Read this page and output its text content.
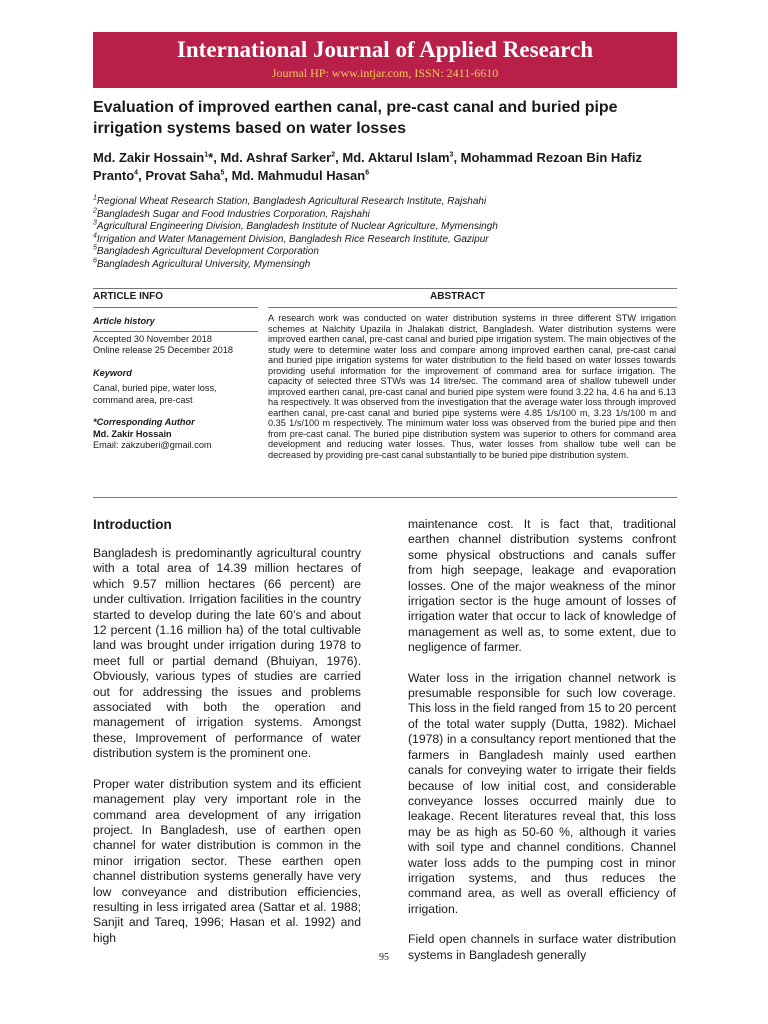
International Journal of Applied Research
Journal HP: www.intjar.com, ISSN: 2411-6610
Evaluation of improved earthen canal, pre-cast canal and buried pipe irrigation systems based on water losses
Md. Zakir Hossain$^1$*, Md. Ashraf Sarker$^2$, Md. Aktarul Islam$^3$, Mohammad Rezoan Bin Hafiz Pranto$^4$, Provat Saha$^5$, Md. Mahmudul Hasan$^6$
$^1$Regional Wheat Research Station, Bangladesh Agricultural Research Institute, Rajshahi
$^2$Bangladesh Sugar and Food Industries Corporation, Rajshahi
$^3$Agricultural Engineering Division, Bangladesh Institute of Nuclear Agriculture, Mymensingh
$^4$Irrigation and Water Management Division, Bangladesh Rice Research Institute, Gazipur
$^5$Bangladesh Agricultural Development Corporation
$^6$Bangladesh Agricultural University, Mymensingh
ARTICLE INFO	ABSTRACT
Article history
Accepted 30 November 2018
Online release 25 December 2018
Keyword
Canal, buried pipe, water loss, command area, pre-cast
*Corresponding Author
Md. Zakir Hossain
Email: zakzuberi@gmail.com
A research work was conducted on water distribution systems in three different STW irrigation schemes at Nalchity Upazila in Jhalakati district, Bangladesh. Water distribution systems were improved earthen canal, pre-cast canal and buried pipe irrigation system. The main objectives of the study were to determine water loss and compare among improved earthen canal, pre-cast canal and buried pipe irrigation systems for water distribution to the field based on water losses towards providing useful information for the improvement of command area for surface irrigation. The capacity of selected three STWs was 14 litre/sec. The command area of shallow tubewell under improved earthen canal, pre-cast canal and buried pipe system were found 3.22 ha, 4.6 ha and 6.13 ha respectively. It was observed from the investigation that the average water loss through improved earthen canal, pre-cast canal and buried pipe systems were 4.85 1/s/100 m, 3.23 1/s/100 m and 0.35 1/s/100 m respectively. The minimum water loss was observed from the buried pipe and then from pre-cast canal. The buried pipe distribution system was superior to others for command area development and reducing water losses. Thus, water losses from shallow tube well can be decreased by providing pre-cast canal substantially to be buried pipe distribution system.
Introduction

Bangladesh is predominantly agricultural country with a total area of 14.39 million hectares of which 9.57 million hectares (66 percent) are under cultivation. Irrigation facilities in the country started to develop during the late 60’s and about 12 percent (1.16 million ha) of the total cultivable land was brought under irrigation during 1978 to meet full or partial demand (Bhuiyan, 1976). Obviously, various types of studies are carried out for addressing the issues and problems associated with both the operation and management of irrigation systems. Amongst these, Improvement of performance of water distribution system is the prominent one.

Proper water distribution system and its efficient management play very important role in the command area development of any irrigation project. In Bangladesh, use of earthen open channel for water distribution is common in the minor irrigation sector. These earthen open channel distribution systems generally have very low conveyance and distribution efficiencies, resulting in less irrigated area (Sattar et al. 1988; Sanjit and Tareq, 1996; Hasan et al. 1992) and high

maintenance cost. It is fact that, traditional earthen channel distribution systems confront some physical obstructions and canals suffer from high seepage, leakage and evaporation losses. One of the major weakness of the minor irrigation sector is the huge amount of losses of irrigation water that occur to lack of knowledge of management as well as, to some extent, due to negligence of farmer.

Water loss in the irrigation channel network is presumable responsible for such low coverage. This loss in the field ranged from 15 to 20 percent of the total water supply (Dutta, 1982). Michael (1978) in a consultancy report mentioned that the farmers in Bangladesh mainly used earthen canals for conveying water to irrigate their fields because of low initial cost, and considerable conveyance losses occurred mainly due to leakage. Recent literatures reveal that, this loss may be as high as 50-60 %, although it varies with soil type and channel conditions. Channel water loss adds to the pumping cost in minor irrigation systems, and thus reduces the command area, as well as overall efficiency of irrigation.

Field open channels in surface water distribution systems in Bangladesh generally

95
